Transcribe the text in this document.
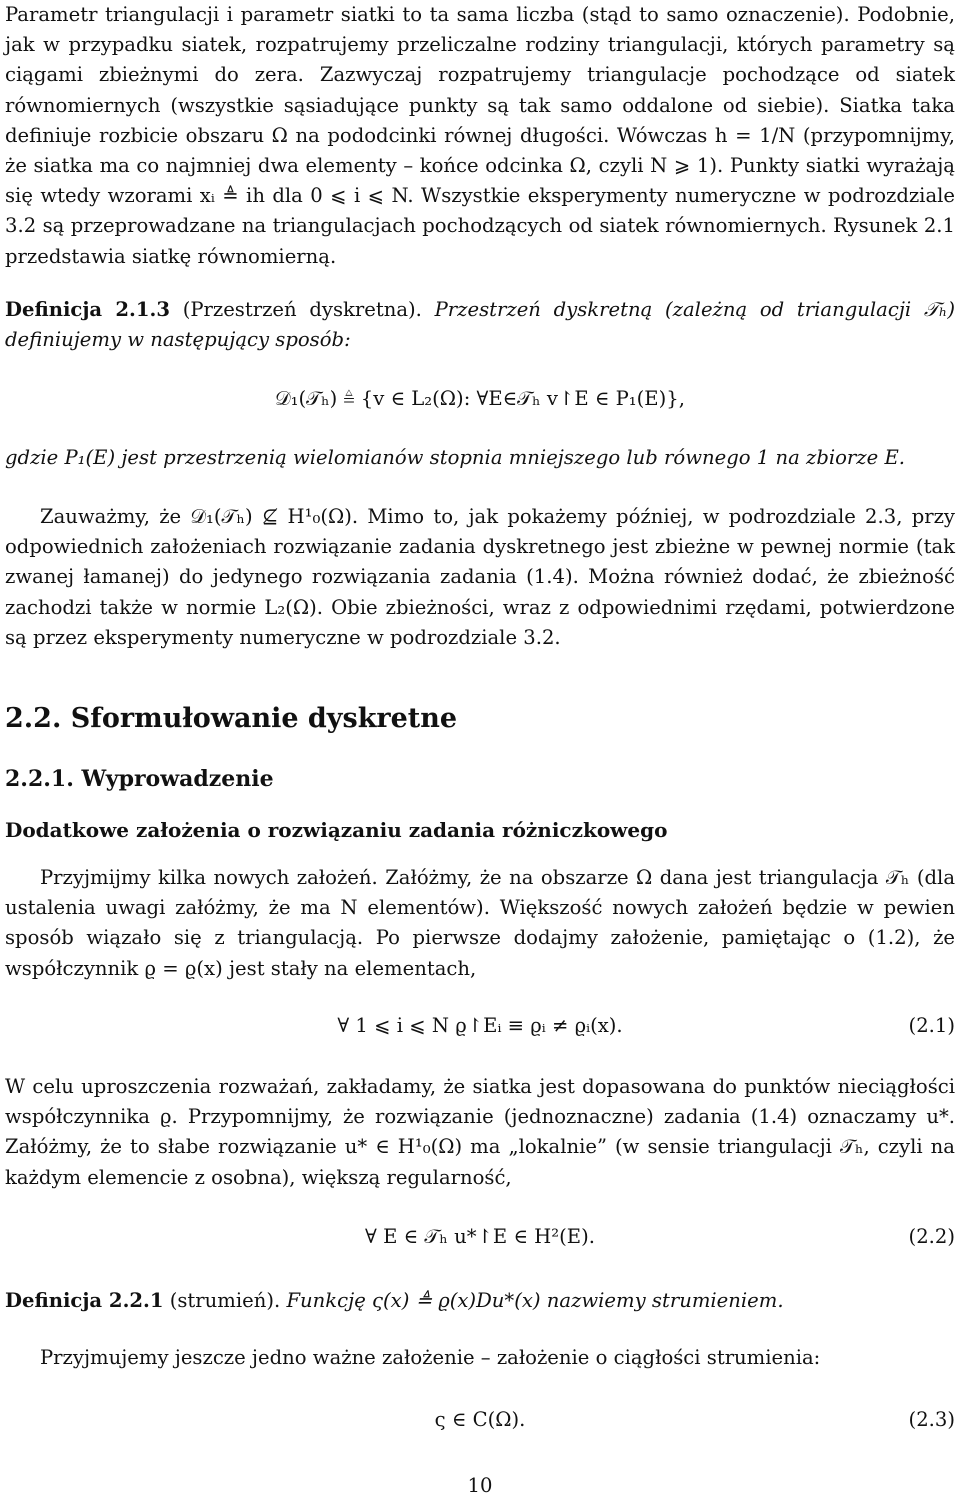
Parametr triangulacji i parametr siatki to ta sama liczba (stąd to samo oznaczenie). Podobnie, jak w przypadku siatek, rozpatrujemy przeliczalne rodziny triangulacji, których parametry są ciągami zbieżnymi do zera. Zazwyczaj rozpatrujemy triangulacje pochodzące od siatek równomiernych (wszystkie sąsiadujące punkty są tak samo oddalone od siebie). Siatka taka definiuje rozbicie obszaru Ω na pododcinki równej długości. Wówczas h = 1/N (przypomnijmy, że siatka ma co najmniej dwa elementy – końce odcinka Ω, czyli N ⩾ 1). Punkty siatki wyrażają się wtedy wzorami xᵢ ≜ ih dla 0 ⩽ i ⩽ N. Wszystkie eksperymenty numeryczne w podrozdziale 3.2 są przeprowadzane na triangulacjach pochodzących od siatek równomiernych. Rysunek 2.1 przedstawia siatkę równomierną.

Definicja 2.1.3 (Przestrzeń dyskretna). Przestrzeń dyskretną (zależną od triangulacji 𝒯ₕ) definiujemy w następujący sposób:

𝒟₁(𝒯ₕ) ≜ {v ∈ L₂(Ω): ∀E∈𝒯ₕ v↾E ∈ P₁(E)},

gdzie P₁(E) jest przestrzenią wielomianów stopnia mniejszego lub równego 1 na zbiorze E.

Zauważmy, że 𝒟₁(𝒯ₕ) ⊈ H¹₀(Ω). Mimo to, jak pokażemy później, w podrozdziale 2.3, przy odpowiednich założeniach rozwiązanie zadania dyskretnego jest zbieżne w pewnej normie (tak zwanej łamanej) do jedynego rozwiązania zadania (1.4). Można również dodać, że zbieżność zachodzi także w normie L₂(Ω). Obie zbieżności, wraz z odpowiednimi rzędami, potwierdzone są przez eksperymenty numeryczne w podrozdziale 3.2.

2.2. Sformułowanie dyskretne
2.2.1. Wyprowadzenie
Dodatkowe założenia o rozwiązaniu zadania różniczkowego

Przyjmijmy kilka nowych założeń. Załóżmy, że na obszarze Ω dana jest triangulacja 𝒯ₕ (dla ustalenia uwagi załóżmy, że ma N elementów). Większość nowych założeń będzie w pewien sposób wiązało się z triangulacją. Po pierwsze dodajmy założenie, pamiętając o (1.2), że współczynnik ϱ = ϱ(x) jest stały na elementach,

∀ 1 ⩽ i ⩽ N ϱ↾Eᵢ ≡ ϱᵢ ≠ ϱᵢ(x).	(2.1)

W celu uproszczenia rozważań, zakładamy, że siatka jest dopasowana do punktów nieciągłości współczynnika ϱ. Przypomnijmy, że rozwiązanie (jednoznaczne) zadania (1.4) oznaczamy u*. Załóżmy, że to słabe rozwiązanie u* ∈ H¹₀(Ω) ma „lokalnie” (w sensie triangulacji 𝒯ₕ, czyli na każdym elemencie z osobna), większą regularność,

∀ E ∈ 𝒯ₕ u*↾E ∈ H²(E).	(2.2)

Definicja 2.2.1 (strumień). Funkcję ς(x) ≜ ϱ(x)Du*(x) nazwiemy strumieniem.

Przyjmujemy jeszcze jedno ważne założenie – założenie o ciągłości strumienia:

ς ∈ C(Ω).	(2.3)
10
